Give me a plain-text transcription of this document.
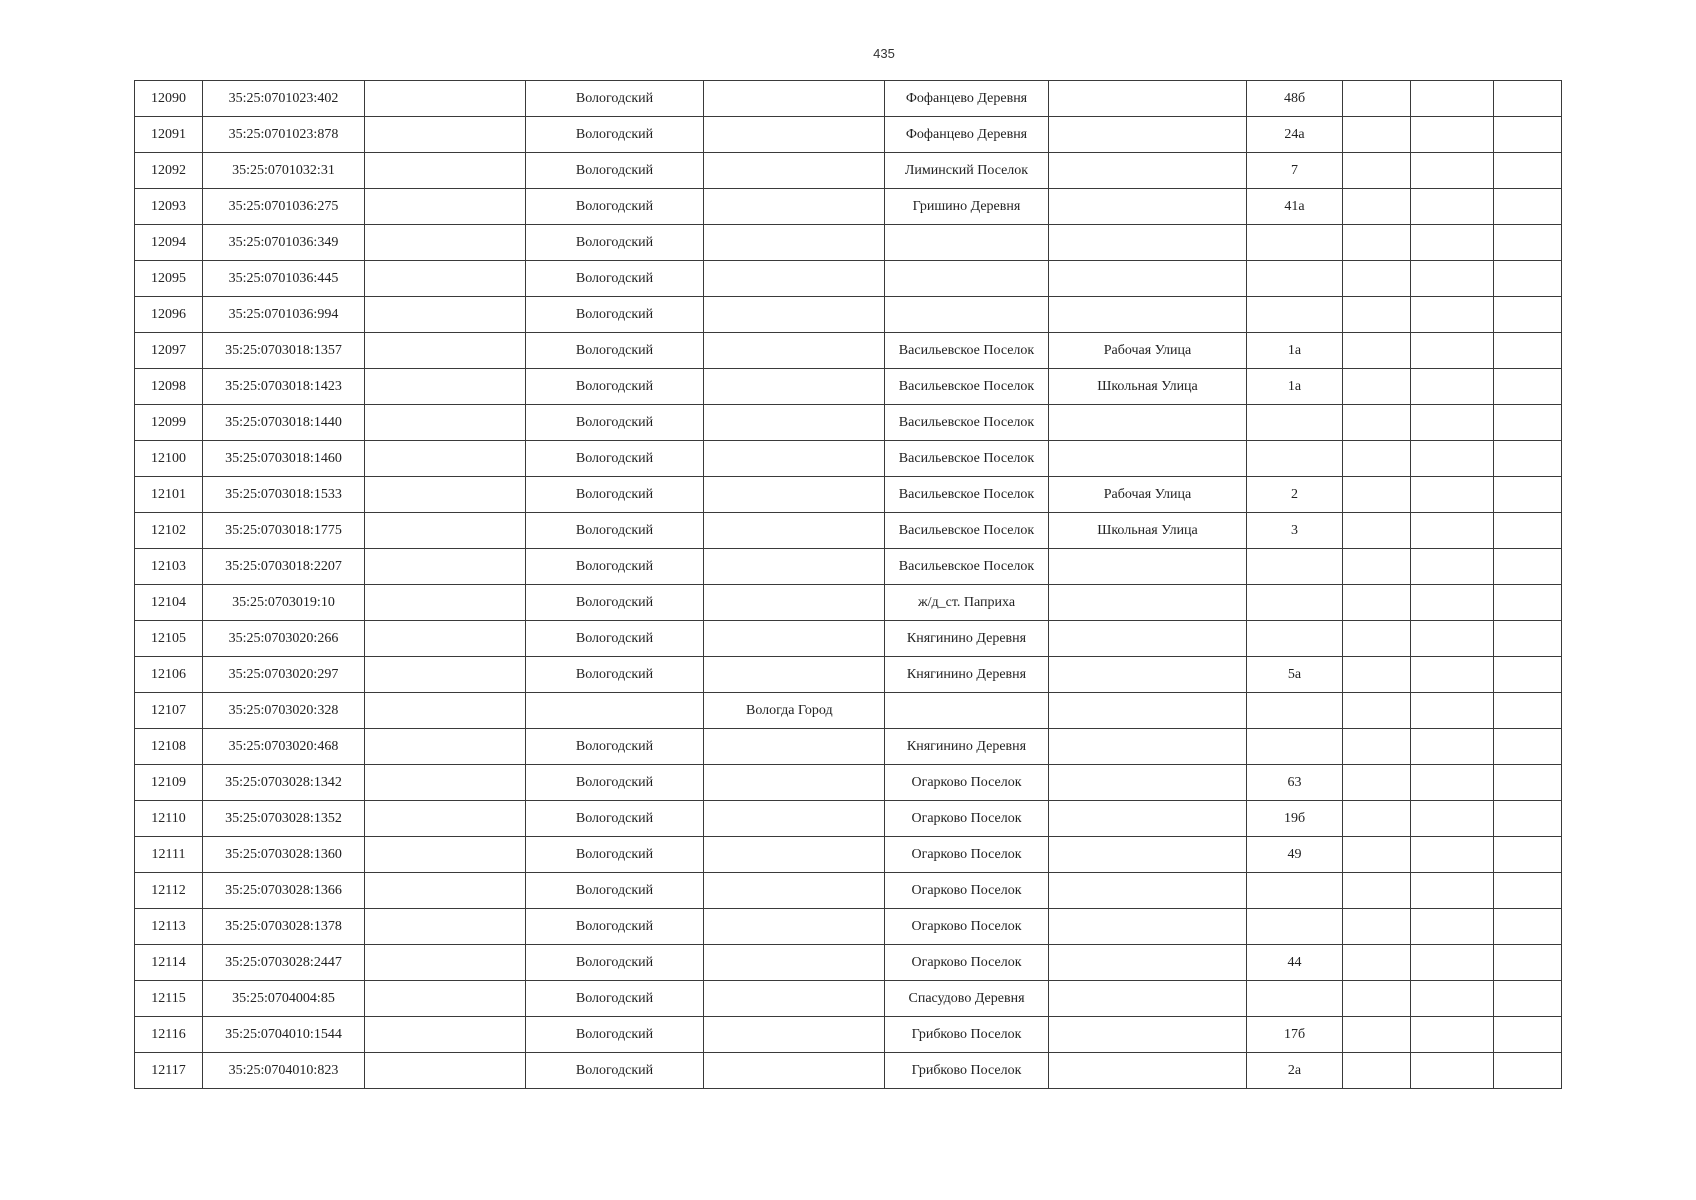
435
12090	35:25:0701023:402		Вологодский		Фофанцево Деревня		48б			
12091	35:25:0701023:878		Вологодский		Фофанцево Деревня		24а			
12092	35:25:0701032:31		Вологодский		Лиминский Поселок		7			
12093	35:25:0701036:275		Вологодский		Гришино Деревня		41а			
12094	35:25:0701036:349		Вологодский							
12095	35:25:0701036:445		Вологодский							
12096	35:25:0701036:994		Вологодский							
12097	35:25:0703018:1357		Вологодский		Васильевское Поселок	Рабочая Улица	1а			
12098	35:25:0703018:1423		Вологодский		Васильевское Поселок	Школьная Улица	1а			
12099	35:25:0703018:1440		Вологодский		Васильевское Поселок					
12100	35:25:0703018:1460		Вологодский		Васильевское Поселок					
12101	35:25:0703018:1533		Вологодский		Васильевское Поселок	Рабочая Улица	2			
12102	35:25:0703018:1775		Вологодский		Васильевское Поселок	Школьная Улица	3			
12103	35:25:0703018:2207		Вологодский		Васильевское Поселок					
12104	35:25:0703019:10		Вологодский		ж/д_ст. Паприха					
12105	35:25:0703020:266		Вологодский		Княгинино Деревня					
12106	35:25:0703020:297		Вологодский		Княгинино Деревня		5а			
12107	35:25:0703020:328			Вологда Город						
12108	35:25:0703020:468		Вологодский		Княгинино Деревня					
12109	35:25:0703028:1342		Вологодский		Огарково Поселок		63			
12110	35:25:0703028:1352		Вологодский		Огарково Поселок		19б			
12111	35:25:0703028:1360		Вологодский		Огарково Поселок		49			
12112	35:25:0703028:1366		Вологодский		Огарково Поселок					
12113	35:25:0703028:1378		Вологодский		Огарково Поселок					
12114	35:25:0703028:2447		Вологодский		Огарково Поселок		44			
12115	35:25:0704004:85		Вологодский		Спасудово Деревня					
12116	35:25:0704010:1544		Вологодский		Грибково Поселок		17б			
12117	35:25:0704010:823		Вологодский		Грибково Поселок		2а			
